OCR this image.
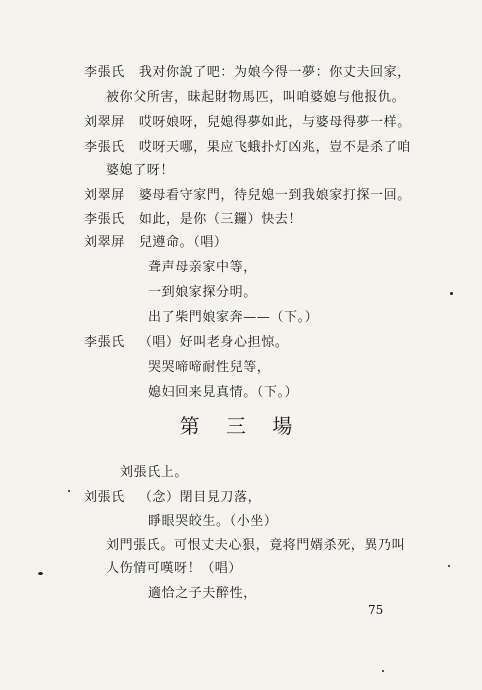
李張氏 我对你說了吧：为娘今得一夢：你丈夫回家，
被你父所害，昧起財物馬匹，叫咱婆媳与他报仇。
刘翠屏 哎呀娘呀，兒媳得夢如此，与婆母得夢一样。
李張氏 哎呀天哪，果应飞蛾扑灯凶兆，豈不是杀了咱
婆媳了呀！
刘翠屏 婆母看守家門，待兒媳一到我娘家打探一回。
李張氏 如此，是你（三鑼）快去！
刘翠屏 兒遵命。（唱）
聋声母亲家中等，
一到娘家探分明。
出了柴門娘家奔——（下。）
李張氏 （唱）好叫老身心担惊。
哭哭啼啼耐性兒等，
媳妇回来見真情。（下。）
第 三 場
刘張氏上。
刘張氏 （念）閉目見刀落，
睜眼哭皎生。（小坐）
刘門張氏。可恨丈夫心狠，竟将門婿杀死，異乃叫
人伤情可嘆呀！（唱）
適恰之子夫醉性，
75
